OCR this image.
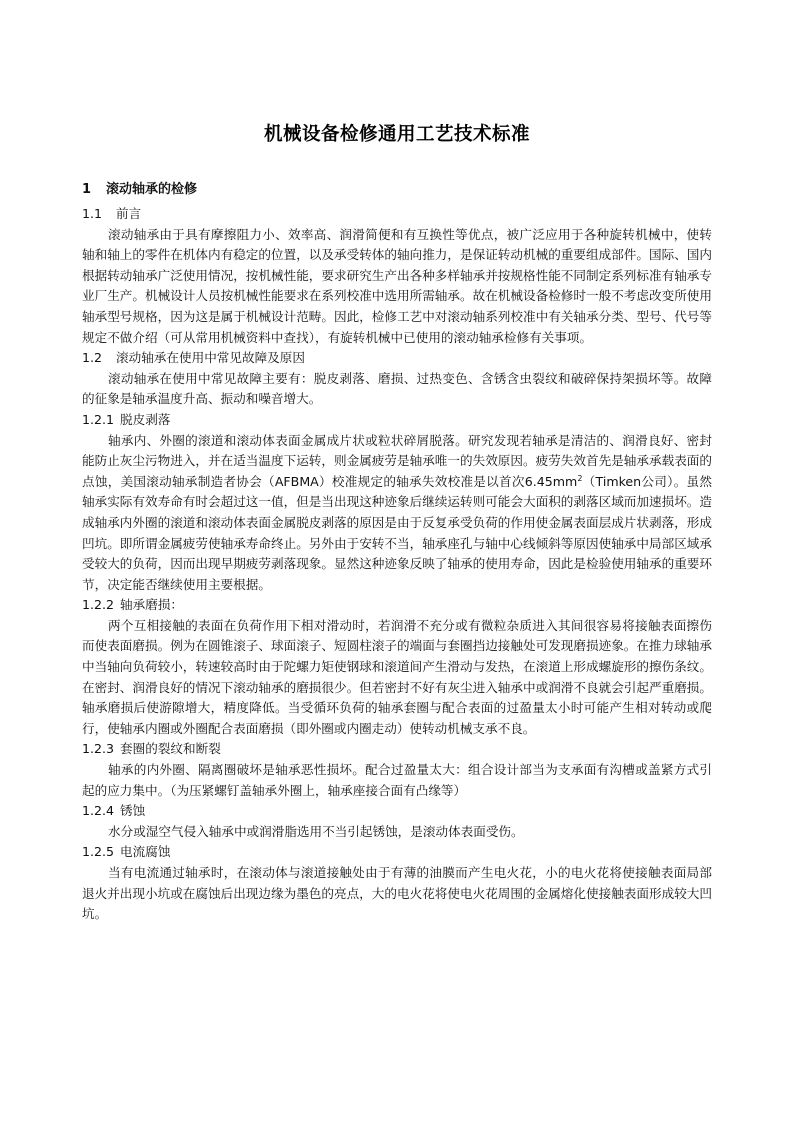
机械设备检修通用工艺技术标准
1 滚动轴承的检修
1.1 前言

滚动轴承由于具有摩擦阻力小、效率高、润滑简便和有互换性等优点，被广泛应用于各种旋转机械中，使转轴和轴上的零件在机体内有稳定的位置，以及承受转体的轴向推力，是保证转动机械的重要组成部件。国际、国内根据转动轴承广泛使用情况，按机械性能，要求研究生产出各种多样轴承并按规格性能不同制定系列标准有轴承专业厂生产。机械设计人员按机械性能要求在系列校准中选用所需轴承。故在机械设备检修时一般不考虑改变所使用轴承型号规格，因为这是属于机械设计范畴。因此，检修工艺中对滚动轴系列校准中有关轴承分类、型号、代号等规定不做介绍（可从常用机械资料中查找），有旋转机械中已使用的滚动轴承检修有关事项。

1.2 滚动轴承在使用中常见故障及原因

滚动轴承在使用中常见故障主要有：脱皮剥落、磨损、过热变色、含锈含虫裂纹和破碎保持架损坏等。故障的征象是轴承温度升高、振动和噪音增大。

1.2.1 脱皮剥落

轴承内、外圈的滚道和滚动体表面金属成片状或粒状碎屑脱落。研究发现若轴承是清洁的、润滑良好、密封能防止灰尘污物进入，并在适当温度下运转，则金属疲劳是轴承唯一的失效原因。疲劳失效首先是轴承承载表面的点蚀，美国滚动轴承制造者协会（AFBMA）校准规定的轴承失效校准是以首次$6.45mm^2(Timken$公司）。虽然轴承实际有效寿命有时会超过这一值，但是当出现这种迹象后继续运转则可能会大面积的剥落区域而加速损坏。造成轴承内外圈的滚道和滚动体表面金属脱皮剥落的原因是由于反复承受负荷的作用使金属表面层成片状剥落，形成凹坑。即所谓金属疲劳使轴承寿命终止。另外由于安转不当，轴承座孔与轴中心线倾斜等原因使轴承中局部区域承受较大的负荷，因而出现早期疲劳剥落现象。显然这种迹象反映了轴承的使用寿命，因此是检验使用轴承的重要环节，决定能否继续使用主要根据。

1.2.2 轴承磨损：

两个互相接触的表面在负荷作用下相对滑动时，若润滑不充分或有微粒杂质进入其间很容易将接触表面擦伤而使表面磨损。例为在圆锥滚子、球面滚子、短圆柱滚子的端面与套圈挡边接触处可发现磨损迹象。在推力球轴承中当轴向负荷较小，转速较高时由于陀螺力矩使钢球和滚道间产生滑动与发热，在滚道上形成螺旋形的擦伤条纹。在密封、润滑良好的情况下滚动轴承的磨损很少。但若密封不好有灰尘进入轴承中或润滑不良就会引起严重磨损。轴承磨损后使游隙增大，精度降低。当受循环负荷的轴承套圈与配合表面的过盈量太小时可能产生相对转动或爬行，使轴承内圈或外圈配合表面磨损（即外圈或内圈走动）使转动机械支承不良。

1.2.3 套圈的裂纹和断裂

轴承的内外圈、隔离圈破坏是轴承恶性损坏。配合过盈量太大：组合设计部当为支承面有沟槽或盖紧方式引起的应力集中。（为压紧螺钉盖轴承外圈上，轴承座接合面有凸缘等）

1.2.4 锈蚀

水分或湿空气侵入轴承中或润滑脂选用不当引起锈蚀，是滚动体表面受伤。

1.2.5 电流腐蚀

当有电流通过轴承时，在滚动体与滚道接触处由于有薄的油膜而产生电火花，小的电火花将使接触表面局部退火并出现小坑或在腐蚀后出现边缘为墨色的亮点，大的电火花将使电火花周围的金属熔化使接触表面形成较大凹坑。
